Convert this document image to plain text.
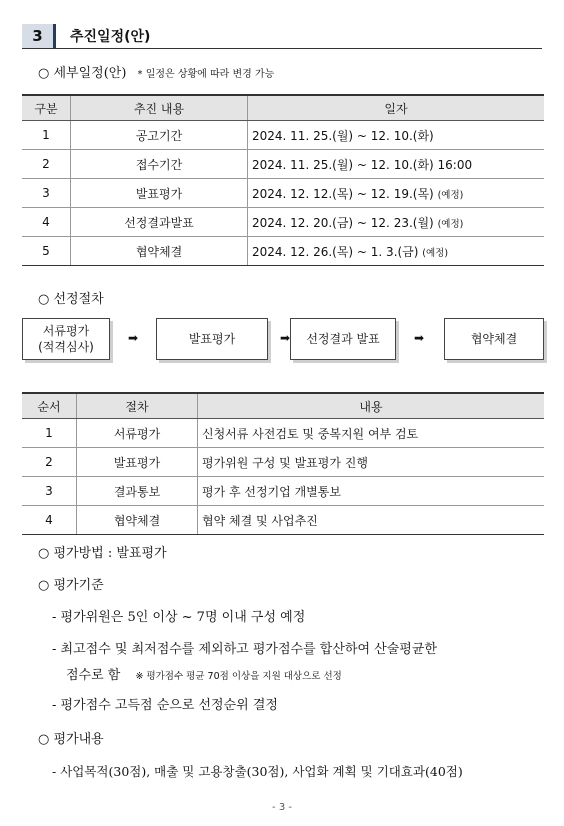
3	추진일정(안)
○ 세부일정(안) * 일정은 상황에 따라 변경 가능
구분	추진 내용	일자
1	공고기간	2024. 11. 25.(월) ~ 12. 10.(화)
2	접수기간	2024. 11. 25.(월) ~ 12. 10.(화) 16:00
3	발표평가	2024. 12. 12.(목) ~ 12. 19.(목) (예정)
4	선정결과발표	2024. 12. 20.(금) ~ 12. 23.(월) (예정)
5	협약체결	2024. 12. 26.(목) ~ 1. 3.(금) (예정)
○ 선정절차
서류평가
(적격심사)
➡	발표평가	➡ 선정결과 발표	➡	협약체결
순서	절차	내용
1	서류평가	신청서류 사전검토 및 중복지원 여부 검토
2	발표평가	평가위원 구성 및 발표평가 진행
3	결과통보	평가 후 선정기업 개별통보
4	협약체결	협약 체결 및 사업추진
○ 평가방법 : 발표평가
○ 평가기준
- 평가위원은 5인 이상 ~ 7명 이내 구성 예정
- 최고점수 및 최저점수를 제외하고 평가점수를 합산하여 산술평균한
점수로 함 ※ 평가점수 평균 70점 이상을 지원 대상으로 선정
- 평가점수 고득점 순으로 선정순위 결정
○ 평가내용
- 사업목적(30점), 매출 및 고용창출(30점), 사업화 계획 및 기대효과(40점)
- 3 -
